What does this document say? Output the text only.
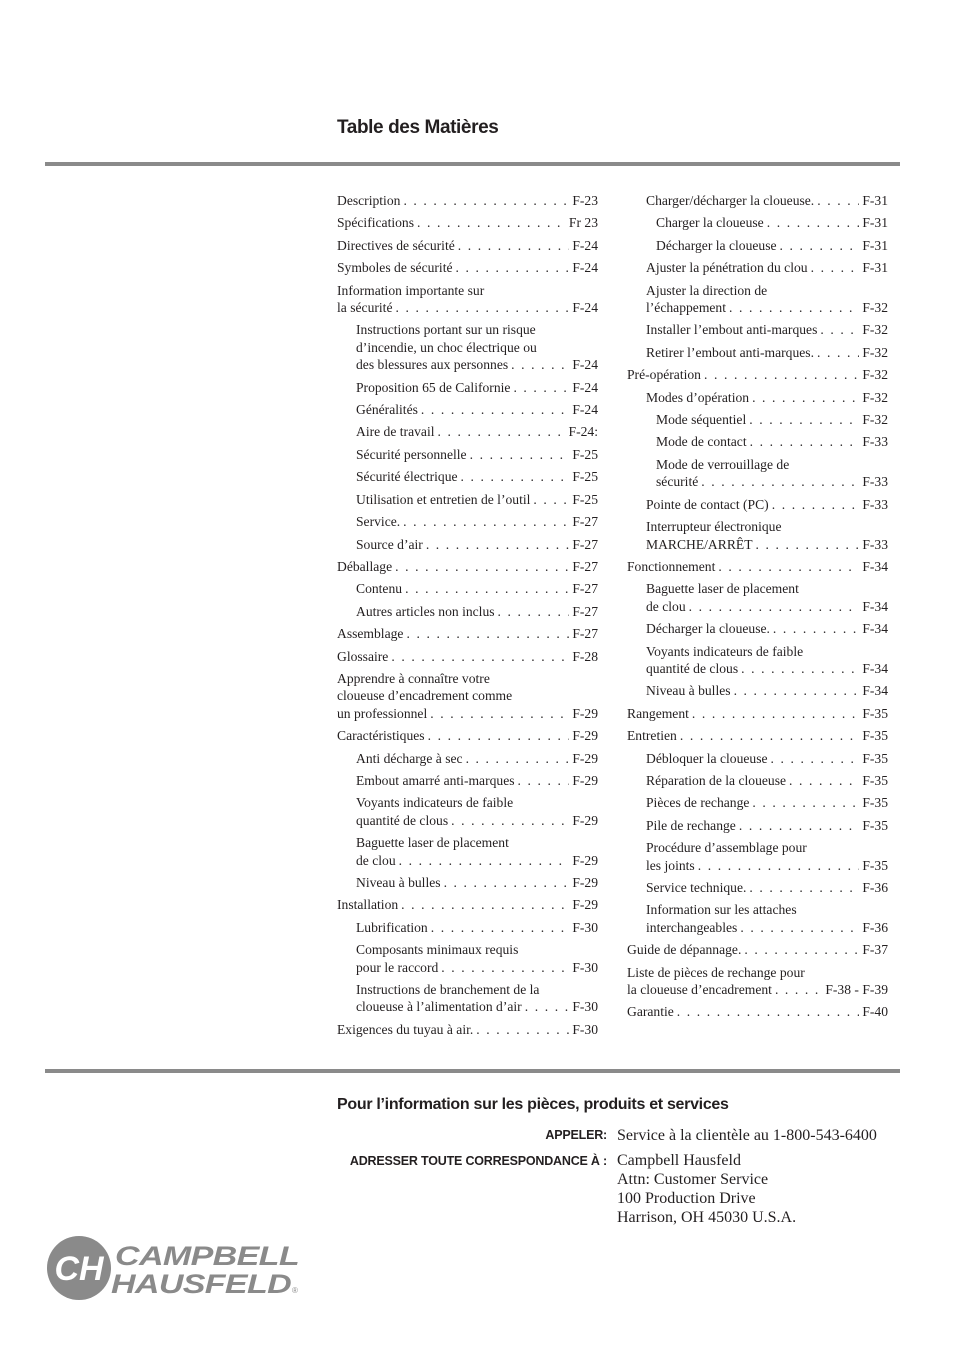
Table des Matières
Description . . .	F-23
Spécifications . . .	Fr 23
Directives de sécurité . . .	F-24
Symboles de sécurité . . .	F-24
Information importante sur
la sécurité . . .	F-24
Instructions portant sur un risque
d’incendie, un choc électrique ou
des blessures aux personnes . . .	F-24
Proposition 65 de Californie . . .	F-24
Généralités . . .	F-24
Aire de travail . . .	F-24:
Sécurité personnelle . . .	F-25
Sécurité électrique . . .	F-25
Utilisation et entretien de l’outil . . .	F-25
Service. . . .	F-27
Source d’air . . .	F-27
Déballage . . .	F-27
Contenu . . .	F-27
Autres articles non inclus . . .	F-27
Assemblage . . .	F-27
Glossaire . . .	F-28
Apprendre à connaître votre
cloueuse d’encadrement comme
un professionnel . . .	F-29
Caractéristiques . . .	F-29
Anti décharge à sec . . .	F-29
Embout amarré anti-marques . . .	F-29
Voyants indicateurs de faible
quantité de clous . . .	F-29
Baguette laser de placement
de clou . . .	F-29
Niveau à bulles . . .	F-29
Installation . . .	F-29
Lubrification . . .	F-30
Composants minimaux requis
pour le raccord . . .	F-30
Instructions de branchement de la
cloueuse à l’alimentation d’air . . .	F-30
Exigences du tuyau à air. . . .	F-30
Charger/décharger la cloueuse. . . .	F-31
Charger la cloueuse . . .	F-31
Décharger la cloueuse . . .	F-31
Ajuster la pénétration du clou . . .	F-31
Ajuster la direction de
l’échappement . . .	F-32
Installer l’embout anti-marques . . .	F-32
Retirer l’embout anti-marques. . . .	F-32
Pré-opération . . .	F-32
Modes d’opération . . .	F-32
Mode séquentiel . . .	F-32
Mode de contact . . .	F-33
Mode de verrouillage de
sécurité . . .	F-33
Pointe de contact (PC) . . .	F-33
Interrupteur électronique
MARCHE/ARRÊT . . .	F-33
Fonctionnement . . .	F-34
Baguette laser de placement
de clou . . .	F-34
Décharger la cloueuse. . . .	F-34
Voyants indicateurs de faible
quantité de clous . . .	F-34
Niveau à bulles . . .	F-34
Rangement . . .	F-35
Entretien . . .	F-35
Débloquer la cloueuse . . .	F-35
Réparation de la cloueuse . . .	F-35
Pièces de rechange . . .	F-35
Pile de rechange . . .	F-35
Procédure d’assemblage pour
les joints . . .	F-35
Service technique. . . .	F-36
Information sur les attaches
interchangeables . . .	F-36
Guide de dépannage. . . .	F-37
Liste de pièces de rechange pour
la cloueuse d’encadrement . . .	F-38 - F-39
Garantie . . .	F-40
Pour l’information sur les pièces, produits et services
APPELER: Service à la clientèle au 1-800-543-6400
ADRESSER TOUTE CORRESPONDANCE À : Campbell Hausfeld
Attn: Customer Service
100 Production Drive
Harrison, OH 45030 U.S.A.
CH CAMPBELL
HAUSFELD ®
